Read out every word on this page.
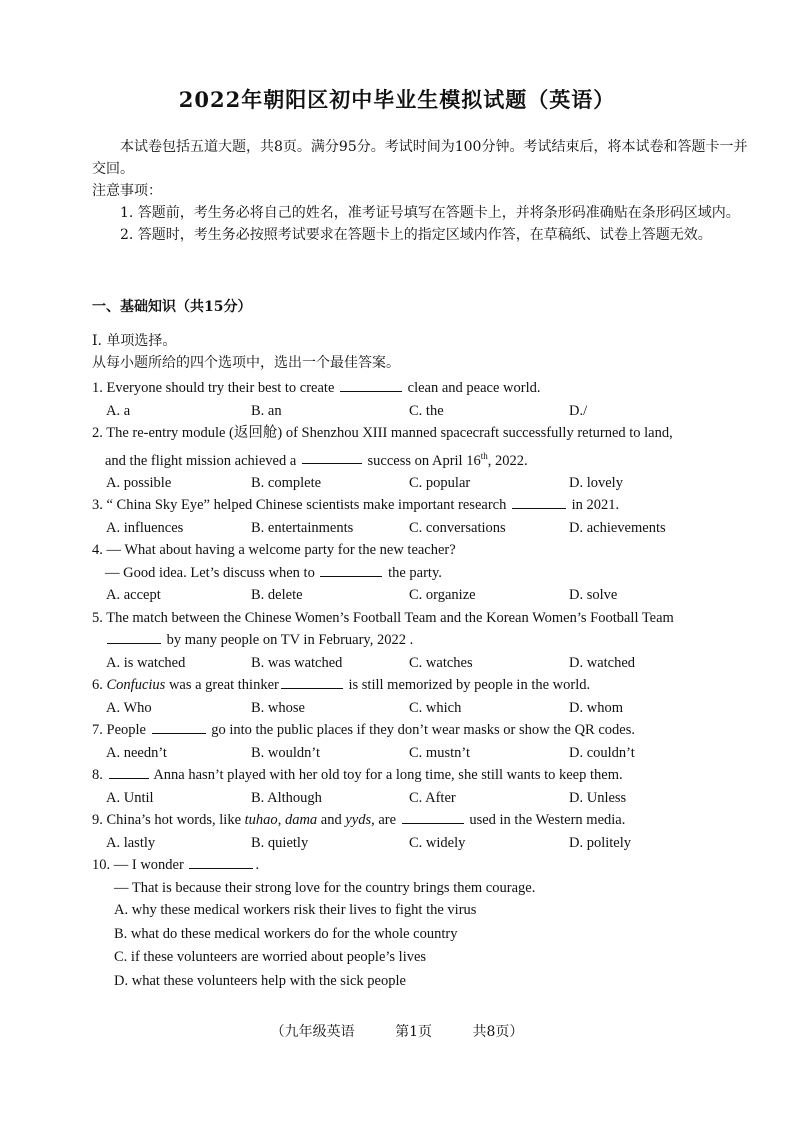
2022年朝阳区初中毕业生模拟试题（英语）
本试卷包括五道大题，共8页。满分95分。考试时间为100分钟。考试结束后，将本试卷和答题卡一并交回。
注意事项：
1. 答题前，考生务必将自己的姓名，准考证号填写在答题卡上，并将条形码准确贴在条形码区域内。
2. 答题时，考生务必按照考试要求在答题卡上的指定区域内作答，在草稿纸、试卷上答题无效。
一、基础知识（共15分）
Ⅰ. 单项选择。
从每小题所给的四个选项中，选出一个最佳答案。
1. Everyone should try their best to create	clean and peace world.
A. a	B. an	C. the	D./
2. The re-entry module (返回舱) of Shenzhou XIII manned spacecraft successfully returned to land,
and the flight mission achieved a	success on April 16th, 2022.
A. possible	B. complete	C. popular	D. lovely
3. “ China Sky Eye” helped Chinese scientists make important research	in 2021.
A. influences	B. entertainments	C. conversations	D. achievements
4. — What about having a welcome party for the new teacher?
— Good idea. Let’s discuss when to	the party.
A. accept	B. delete	C. organize	D. solve
5. The match between the Chinese Women’s Football Team and the Korean Women’s Football Team
by many people on TV in February, 2022 .
A. is watched	B. was watched	C. watches	D. watched
6. Confucius was a great thinker	is still memorized by people in the world.
A. Who	B. whose	C. which	D. whom
7. People	go into the public places if they don’t wear masks or show the QR codes.
A. needn’t	B. wouldn’t	C. mustn’t	D. couldn’t
8.	Anna hasn’t played with her old toy for a long time, she still wants to keep them.
A. Until	B. Although	C. After	D. Unless
9. China’s hot words, like tuhao, dama and yyds, are	used in the Western media.
A. lastly	B. quietly	C. widely	D. politely
10. — I wonder	.
— That is because their strong love for the country brings them courage.
A. why these medical workers risk their lives to fight the virus
B. what do these medical workers do for the whole country
C. if these volunteers are worried about people’s lives
D. what these volunteers help with the sick people
（九年级英语	第1页	共8页）
